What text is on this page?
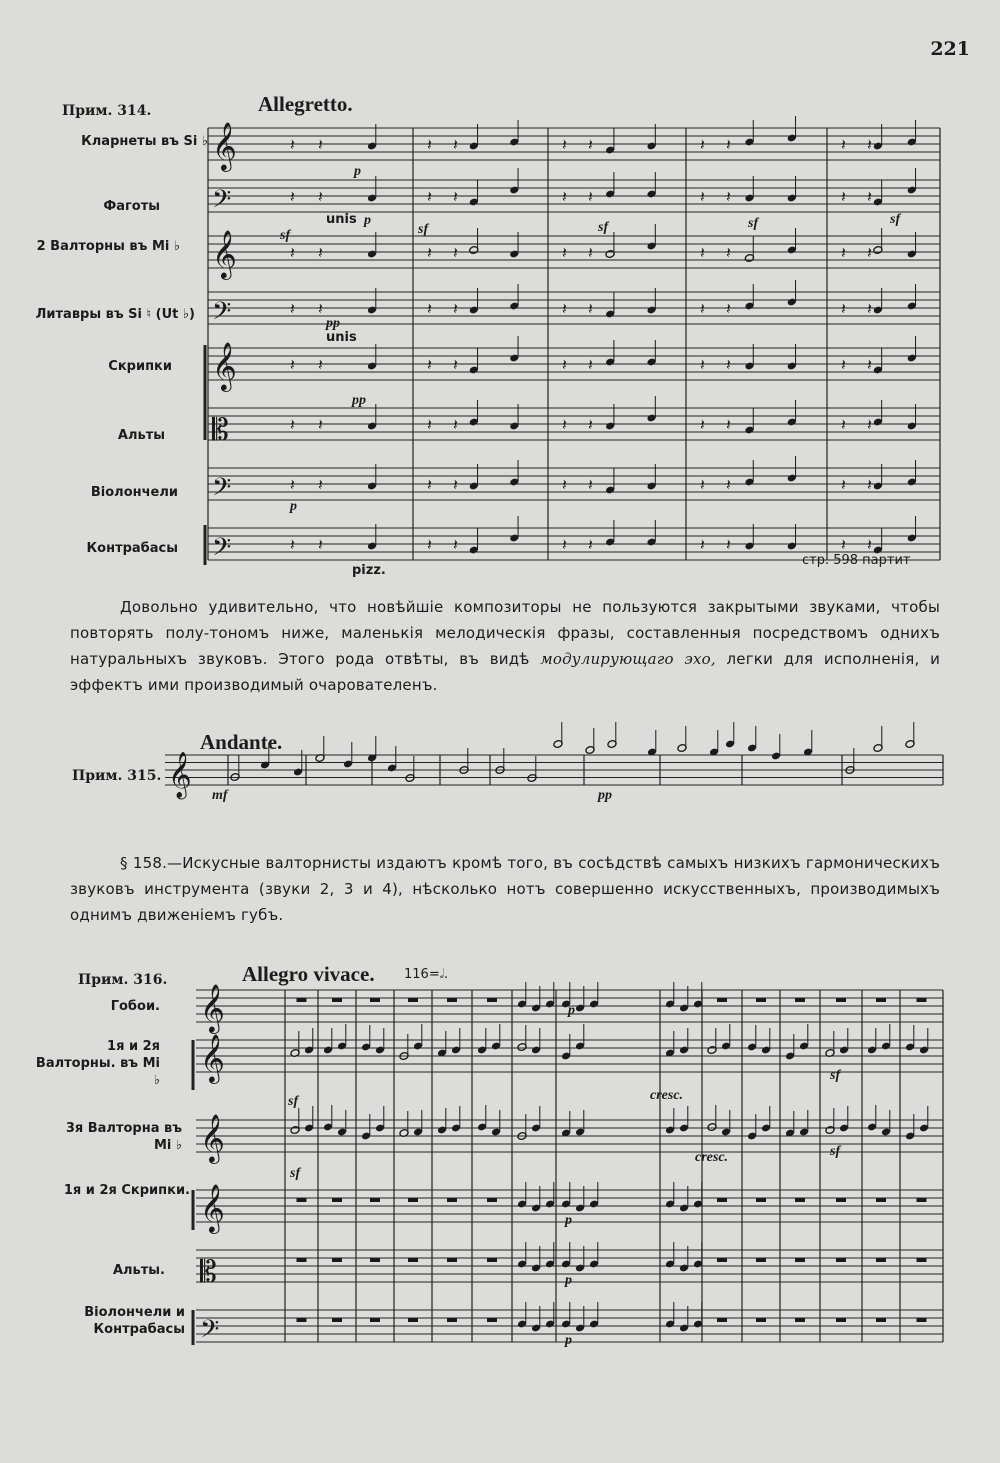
221
𝄞	𝄽 𝄽	𝄽 𝄽	𝄽 𝄽	𝄽 𝄽
𝄽 𝄽
𝄢	𝄽 𝄽	𝄽 𝄽	𝄽 𝄽	𝄽 𝄽
𝄽 𝄽
𝄞	𝄽 𝄽	𝄽 𝄽	𝄽 𝄽	𝄽 𝄽
𝄽 𝄽
𝄢	𝄽 𝄽	𝄽 𝄽	𝄽 𝄽	𝄽 𝄽
𝄽 𝄽
𝄞	𝄽 𝄽	𝄽 𝄽	𝄽 𝄽	𝄽 𝄽
𝄽 𝄽
𝄡	𝄽 𝄽	𝄽 𝄽	𝄽 𝄽	𝄽 𝄽
𝄽 𝄽
𝄢	𝄽 𝄽	𝄽 𝄽	𝄽 𝄽	𝄽 𝄽
𝄽 𝄽
𝄢	𝄽 𝄽	𝄽 𝄽	𝄽 𝄽	𝄽 𝄽
𝄽 𝄽
𝄞
𝄞
𝄞
𝄞
𝄞
𝄡
𝄢
Прим. 314.	Allegretto.
Кларнеты въ Si ♭
Фаготы
2 Валторны въ Mi ♭
Литавры въ Si ♮ (Ut ♭)
Скрипки
Альты
Віолончели
Контрабасы
p
unis p
sf	sf	sf	sf	sf
pp
unis
pp
p
pizz.
стр. 598 партит
Довольно удивительно, что новѣйшіе композиторы не пользуются закрытыми звуками, чтобы повторять полу-тономъ ниже, маленькія мелодическія фразы, составленныя посредствомъ однихъ натуральныхъ звуковъ. Этого рода отвѣты, въ видѣ модулирующаго эхо, легки для исполненія, и эффектъ ими производимый очарователенъ.
Andante.
Прим. 315.
mf	pp
§ 158.—Искусные валторнисты издаютъ кромѣ того, въ сосѣдствѣ самыхъ низкихъ гармоническихъ звуковъ инструмента (звуки 2, 3 и 4), нѣсколько нотъ совершенно искусственныхъ, производимыхъ однимъ движеніемъ губъ.
Прим. 316.	Allegro vivace. 116=𝅗𝅥.
Гобои.
1я и 2я Валторны. въ Mi ♭
3я Валторна въ Mi ♭
1я и 2я Скрипки.
Альты.
Віолончели и Контрабасы
p
sf	cresc.
sf
sf
cresc.	sf
p
p
p
